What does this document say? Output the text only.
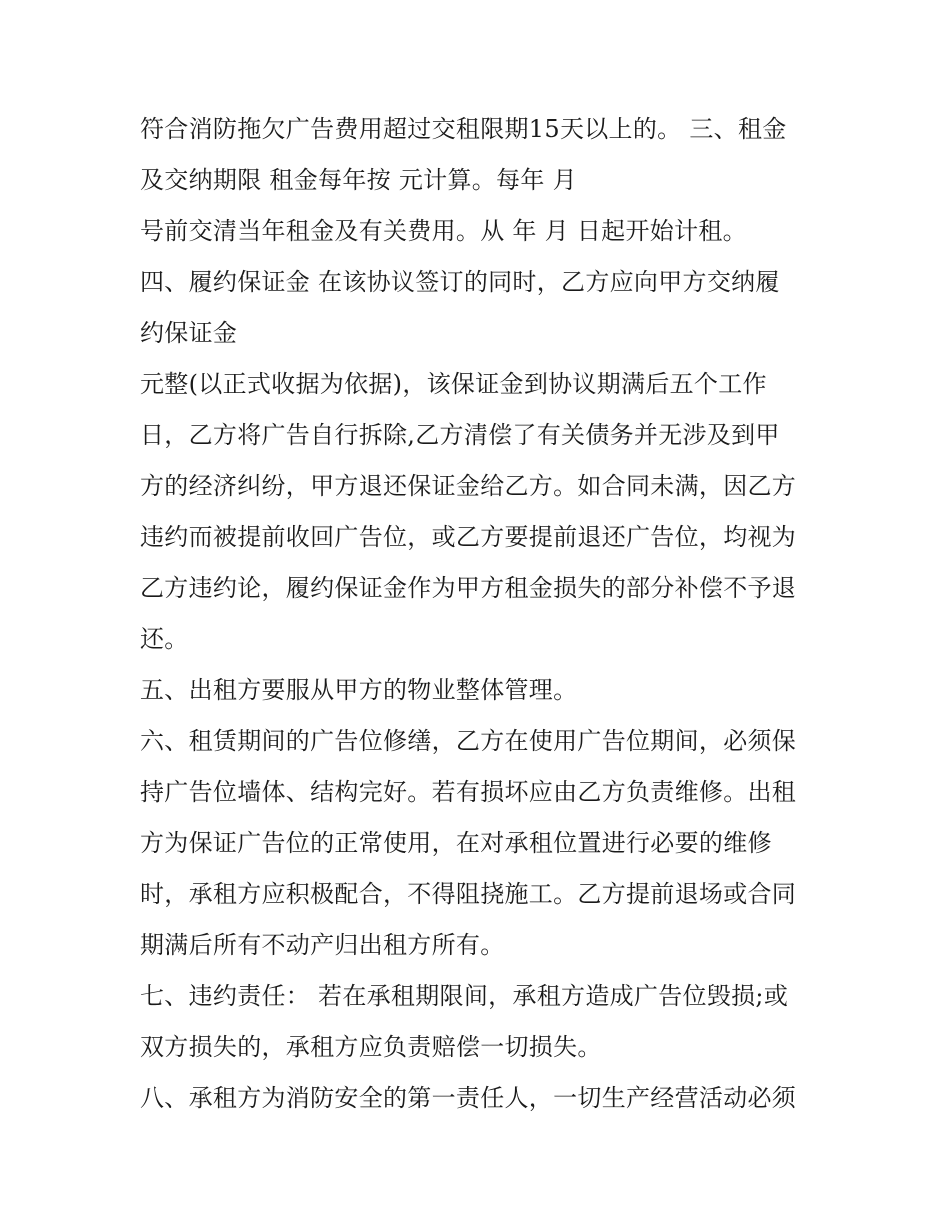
符合消防拖欠广告费用超过交租限期15天以上的。 三、租金
及交纳期限 租金每年按 元计算。每年 月
号前交清当年租金及有关费用。从 年 月 日起开始计租。
四、履约保证金 在该协议签订的同时，乙方应向甲方交纳履
约保证金
元整(以正式收据为依据)，该保证金到协议期满后五个工作
日，乙方将广告自行拆除,乙方清偿了有关债务并无涉及到甲
方的经济纠纷，甲方退还保证金给乙方。如合同未满，因乙方
违约而被提前收回广告位，或乙方要提前退还广告位，均视为
乙方违约论，履约保证金作为甲方租金损失的部分补偿不予退
还。
五、出租方要服从甲方的物业整体管理。
六、租赁期间的广告位修缮，乙方在使用广告位期间，必须保
持广告位墙体、结构完好。若有损坏应由乙方负责维修。出租
方为保证广告位的正常使用，在对承租位置进行必要的维修
时，承租方应积极配合，不得阻挠施工。乙方提前退场或合同
期满后所有不动产归出租方所有。
七、违约责任： 若在承租期限间，承租方造成广告位毁损;或
双方损失的，承租方应负责赔偿一切损失。
八、承租方为消防安全的第一责任人，一切生产经营活动必须
